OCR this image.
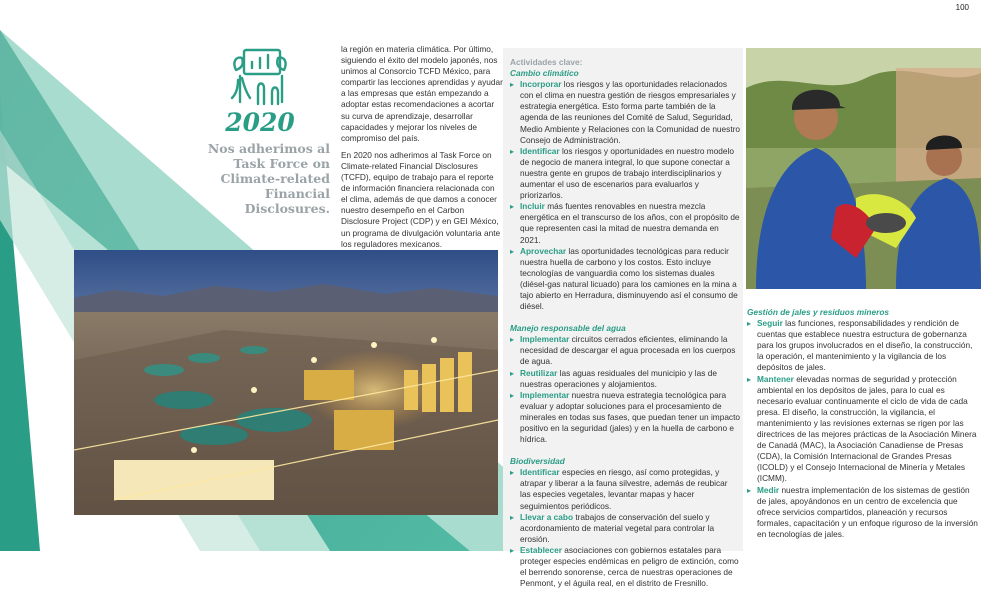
100
2020
Nos adherimos al Task Force on Climate-related Financial Disclosures.

la región en materia climática. Por último, siguiendo el éxito del modelo japonés, nos unimos al Consorcio TCFD México, para compartir las lecciones aprendidas y ayudar a las empresas que están empezando a adoptar estas recomendaciones a acortar su curva de aprendizaje, desarrollar capacidades y mejorar los niveles de compromiso del país.

En 2020 nos adherimos al Task Force on Climate-related Financial Disclosures (TCFD), equipo de trabajo para el reporte de información financiera relacionada con el clima, además de que damos a conocer nuestro desempeño en el Carbon Disclosure Project (CDP) y en GEI México, un programa de divulgación voluntaria ante los reguladores mexicanos.

Actividades clave:
Cambio climático
▸ Incorporar los riesgos y las oportunidades relacionados con el clima en nuestra gestión de riesgos empresariales y estrategia energética. Esto forma parte también de la agenda de las reuniones del Comité de Salud, Seguridad, Medio Ambiente y Relaciones con la Comunidad de nuestro Consejo de Administración.
▸ Identificar los riesgos y oportunidades en nuestro modelo de negocio de manera integral, lo que supone conectar a nuestra gente en grupos de trabajo interdisciplinarios y aumentar el uso de escenarios para evaluarlos y priorizarlos.
▸ Incluir más fuentes renovables en nuestra mezcla energética en el transcurso de los años, con el propósito de que representen casi la mitad de nuestra demanda en 2021.
▸ Aprovechar las oportunidades tecnológicas para reducir nuestra huella de carbono y los costos. Esto incluye tecnologías de vanguardia como los sistemas duales (diésel-gas natural licuado) para los camiones en la mina a tajo abierto en Herradura, disminuyendo así el consumo de diésel.
Manejo responsable del agua
▸ Implementar circuitos cerrados eficientes, eliminando la necesidad de descargar el agua procesada en los cuerpos de agua.
▸ Reutilizar las aguas residuales del municipio y las de nuestras operaciones y alojamientos.
▸ Implementar nuestra nueva estrategia tecnológica para evaluar y adoptar soluciones para el procesamiento de minerales en todas sus fases, que puedan tener un impacto positivo en la seguridad (jales) y en la huella de carbono e hídrica.
Biodiversidad
▸ Identificar especies en riesgo, así como protegidas, y atrapar y liberar a la fauna silvestre, además de reubicar las especies vegetales, levantar mapas y hacer seguimientos periódicos.
▸ Llevar a cabo trabajos de conservación del suelo y acordonamiento de material vegetal para controlar la erosión.
▸ Establecer asociaciones con gobiernos estatales para proteger especies endémicas en peligro de extinción, como el berrendo sonorense, cerca de nuestras operaciones de Penmont, y el águila real, en el distrito de Fresnillo.
Gestión de jales y residuos mineros
▸ Seguir las funciones, responsabilidades y rendición de cuentas que establece nuestra estructura de gobernanza para los grupos involucrados en el diseño, la construcción, la operación, el mantenimiento y la vigilancia de los depósitos de jales.
▸ Mantener elevadas normas de seguridad y protección ambiental en los depósitos de jales, para lo cual es necesario evaluar continuamente el ciclo de vida de cada presa. El diseño, la construcción, la vigilancia, el mantenimiento y las revisiones externas se rigen por las directrices de las mejores prácticas de la Asociación Minera de Canadá (MAC), la Asociación Canadiense de Presas (CDA), la Comisión Internacional de Grandes Presas (ICOLD) y el Consejo Internacional de Minería y Metales (ICMM).
▸ Medir nuestra implementación de los sistemas de gestión de jales, apoyándonos en un centro de excelencia que ofrece servicios compartidos, planeación y recursos formales, capacitación y un enfoque riguroso de la inversión en tecnologías de jales.
